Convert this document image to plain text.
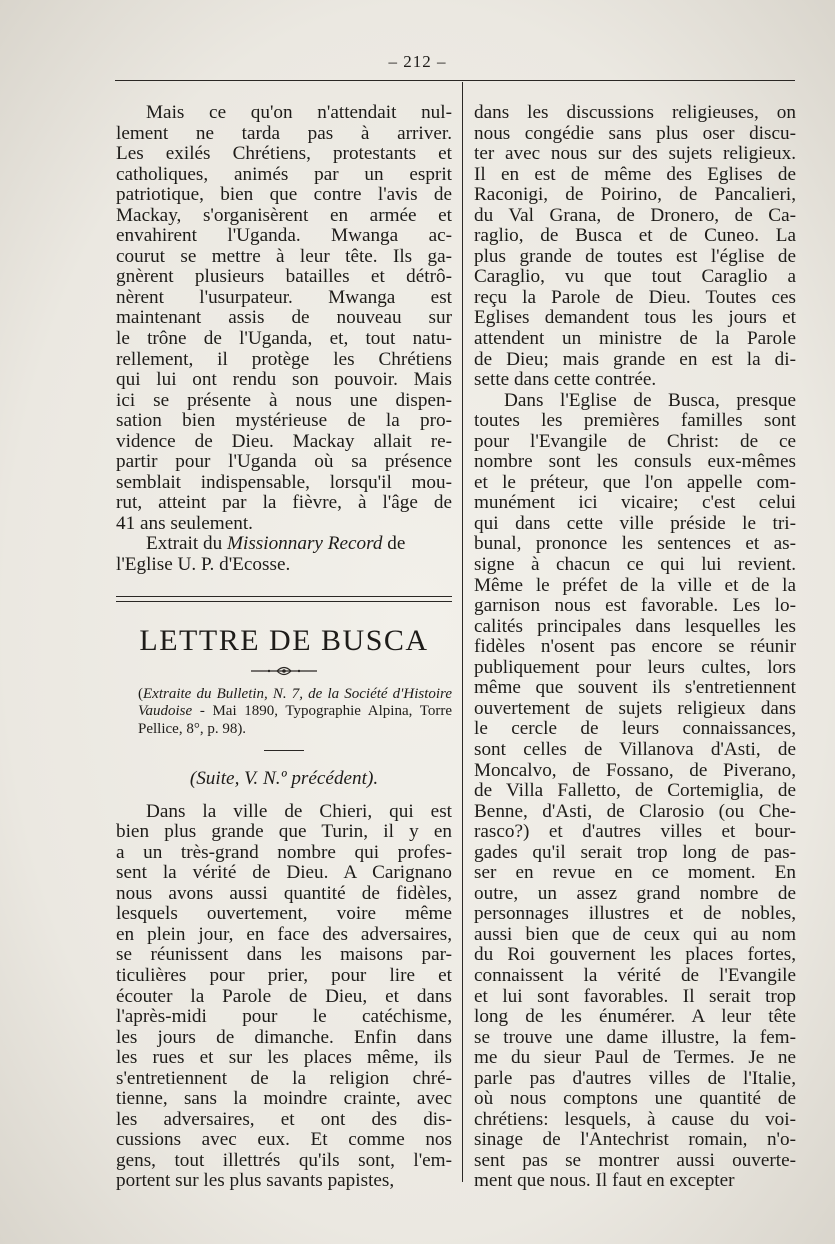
– 212 –
Mais ce qu'on n'attendait nul-
lement ne tarda pas à arriver.
Les exilés Chrétiens, protestants et
catholiques, animés par un esprit
patriotique, bien que contre l'avis de
Mackay, s'organisèrent en armée et
envahirent l'Uganda. Mwanga ac-
courut se mettre à leur tête. Ils ga-
gnèrent plusieurs batailles et détrô-
nèrent l'usurpateur. Mwanga est
maintenant assis de nouveau sur
le trône de l'Uganda, et, tout natu-
rellement, il protège les Chrétiens
qui lui ont rendu son pouvoir. Mais
ici se présente à nous une dispen-
sation bien mystérieuse de la pro-
vidence de Dieu. Mackay allait re-
partir pour l'Uganda où sa présence
semblait indispensable, lorsqu'il mou-
rut, atteint par la fièvre, à l'âge de
41 ans seulement.

Extrait du Missionnary Record de

l'Eglise U. P. d'Ecosse.

LETTRE DE BUSCA
(Extraite du Bulletin, N. 7, de la Société d'Histoire Vaudoise - Mai 1890, Typographie Alpina, Torre Pellice, 8°, p. 98).
(Suite, V. N.º précédent).
Dans la ville de Chieri, qui est
bien plus grande que Turin, il y en
a un très-grand nombre qui profes-
sent la vérité de Dieu. A Carignano
nous avons aussi quantité de fidèles,
lesquels ouvertement, voire même
en plein jour, en face des adversaires,
se réunissent dans les maisons par-
ticulières pour prier, pour lire et
écouter la Parole de Dieu, et dans
l'après-midi pour le catéchisme,
les jours de dimanche. Enfin dans
les rues et sur les places même, ils
s'entretiennent de la religion chré-
tienne, sans la moindre crainte, avec
les adversaires, et ont des dis-
cussions avec eux. Et comme nos
gens, tout illettrés qu'ils sont, l'em-
portent sur les plus savants papistes,
dans les discussions religieuses, on
nous congédie sans plus oser discu-
ter avec nous sur des sujets religieux.
Il en est de même des Eglises de
Raconigi, de Poirino, de Pancalieri,
du Val Grana, de Dronero, de Ca-
raglio, de Busca et de Cuneo. La
plus grande de toutes est l'église de
Caraglio, vu que tout Caraglio a
reçu la Parole de Dieu. Toutes ces
Eglises demandent tous les jours et
attendent un ministre de la Parole
de Dieu; mais grande en est la di-
sette dans cette contrée.
Dans l'Eglise de Busca, presque
toutes les premières familles sont
pour l'Evangile de Christ: de ce
nombre sont les consuls eux-mêmes
et le préteur, que l'on appelle com-
munément ici vicaire; c'est celui
qui dans cette ville préside le tri-
bunal, prononce les sentences et as-
signe à chacun ce qui lui revient.
Même le préfet de la ville et de la
garnison nous est favorable. Les lo-
calités principales dans lesquelles les
fidèles n'osent pas encore se réunir
publiquement pour leurs cultes, lors
même que souvent ils s'entretiennent
ouvertement de sujets religieux dans
le cercle de leurs connaissances,
sont celles de Villanova d'Asti, de
Moncalvo, de Fossano, de Piverano,
de Villa Falletto, de Cortemiglia, de
Benne, d'Asti, de Clarosio (ou Che-
rasco?) et d'autres villes et bour-
gades qu'il serait trop long de pas-
ser en revue en ce moment. En
outre, un assez grand nombre de
personnages illustres et de nobles,
aussi bien que de ceux qui au nom
du Roi gouvernent les places fortes,
connaissent la vérité de l'Evangile
et lui sont favorables. Il serait trop
long de les énumérer. A leur tête
se trouve une dame illustre, la fem-
me du sieur Paul de Termes. Je ne
parle pas d'autres villes de l'Italie,
où nous comptons une quantité de
chrétiens: lesquels, à cause du voi-
sinage de l'Antechrist romain, n'o-
sent pas se montrer aussi ouverte-
ment que nous. Il faut en excepter
